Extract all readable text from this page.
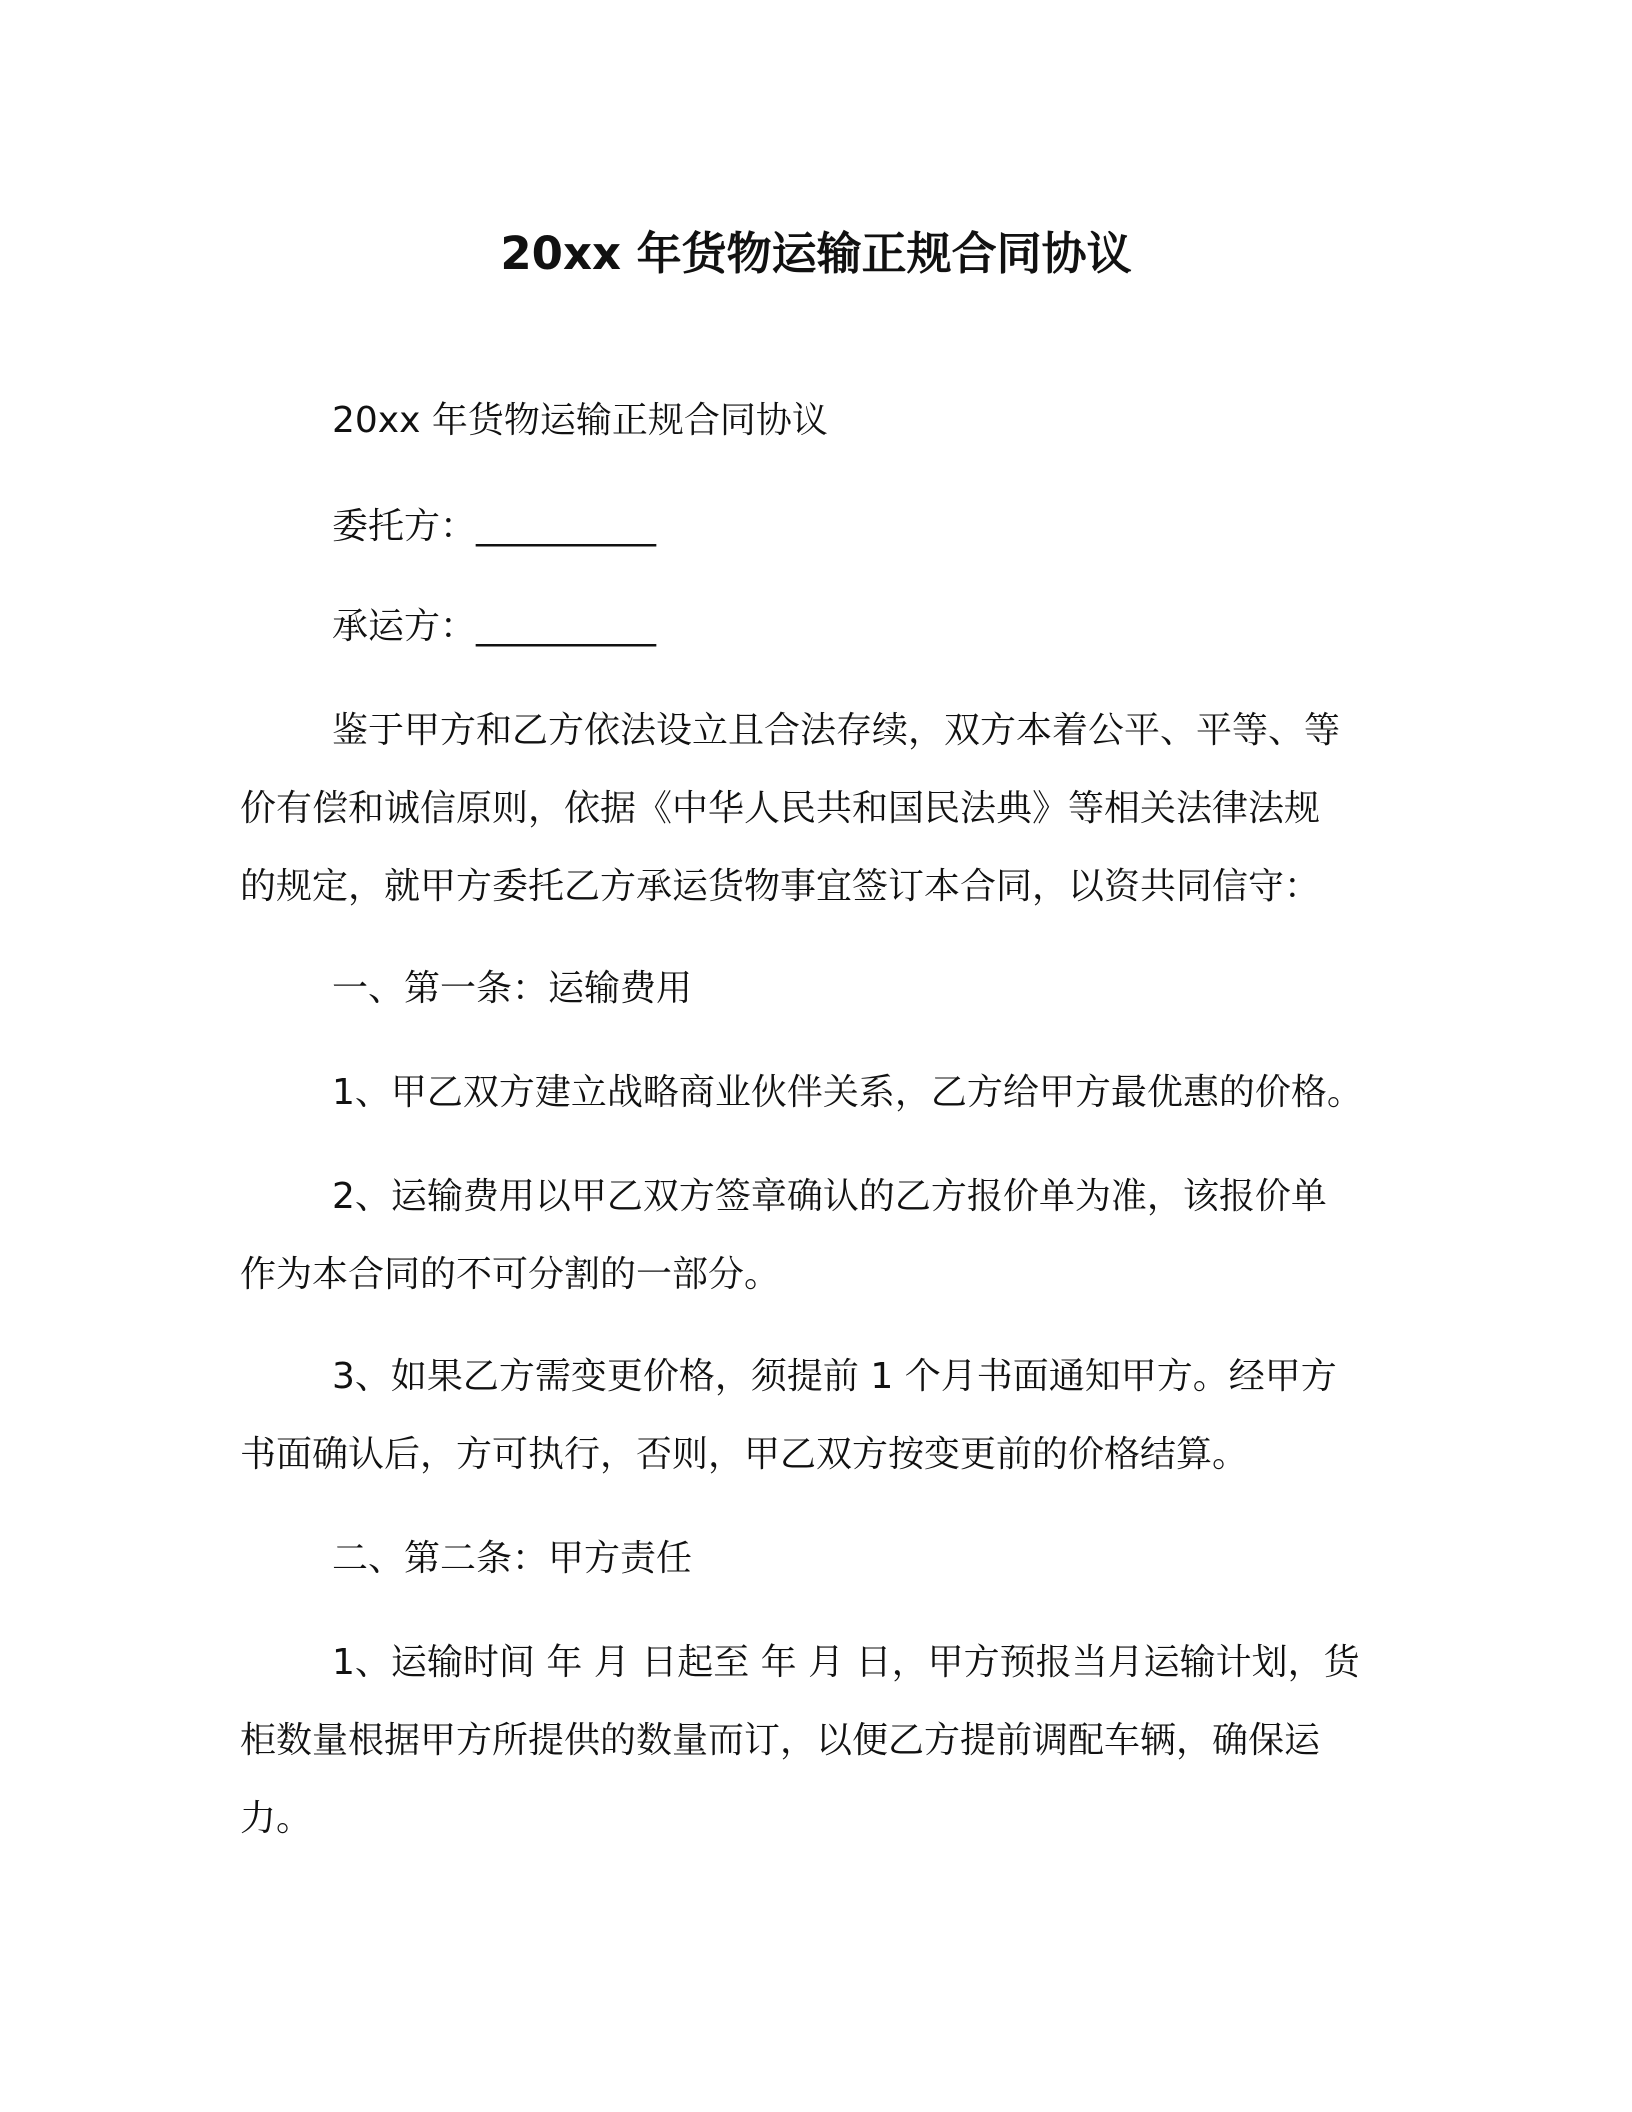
20xx 年货物运输正规合同协议
20xx 年货物运输正规合同协议
委托方：__________
承运方：__________
鉴于甲方和乙方依法设立且合法存续，双方本着公平、平等、等
价有偿和诚信原则，依据《中华人民共和国民法典》等相关法律法规
的规定，就甲方委托乙方承运货物事宜签订本合同，以资共同信守：
一、第一条：运输费用
1、甲乙双方建立战略商业伙伴关系，乙方给甲方最优惠的价格。
2、运输费用以甲乙双方签章确认的乙方报价单为准，该报价单
作为本合同的不可分割的一部分。
3、如果乙方需变更价格，须提前 1 个月书面通知甲方。经甲方
书面确认后，方可执行，否则，甲乙双方按变更前的价格结算。
二、第二条：甲方责任
1、运输时间 年 月 日起至 年 月 日，甲方预报当月运输计划，货
柜数量根据甲方所提供的数量而订，以便乙方提前调配车辆，确保运
力。
